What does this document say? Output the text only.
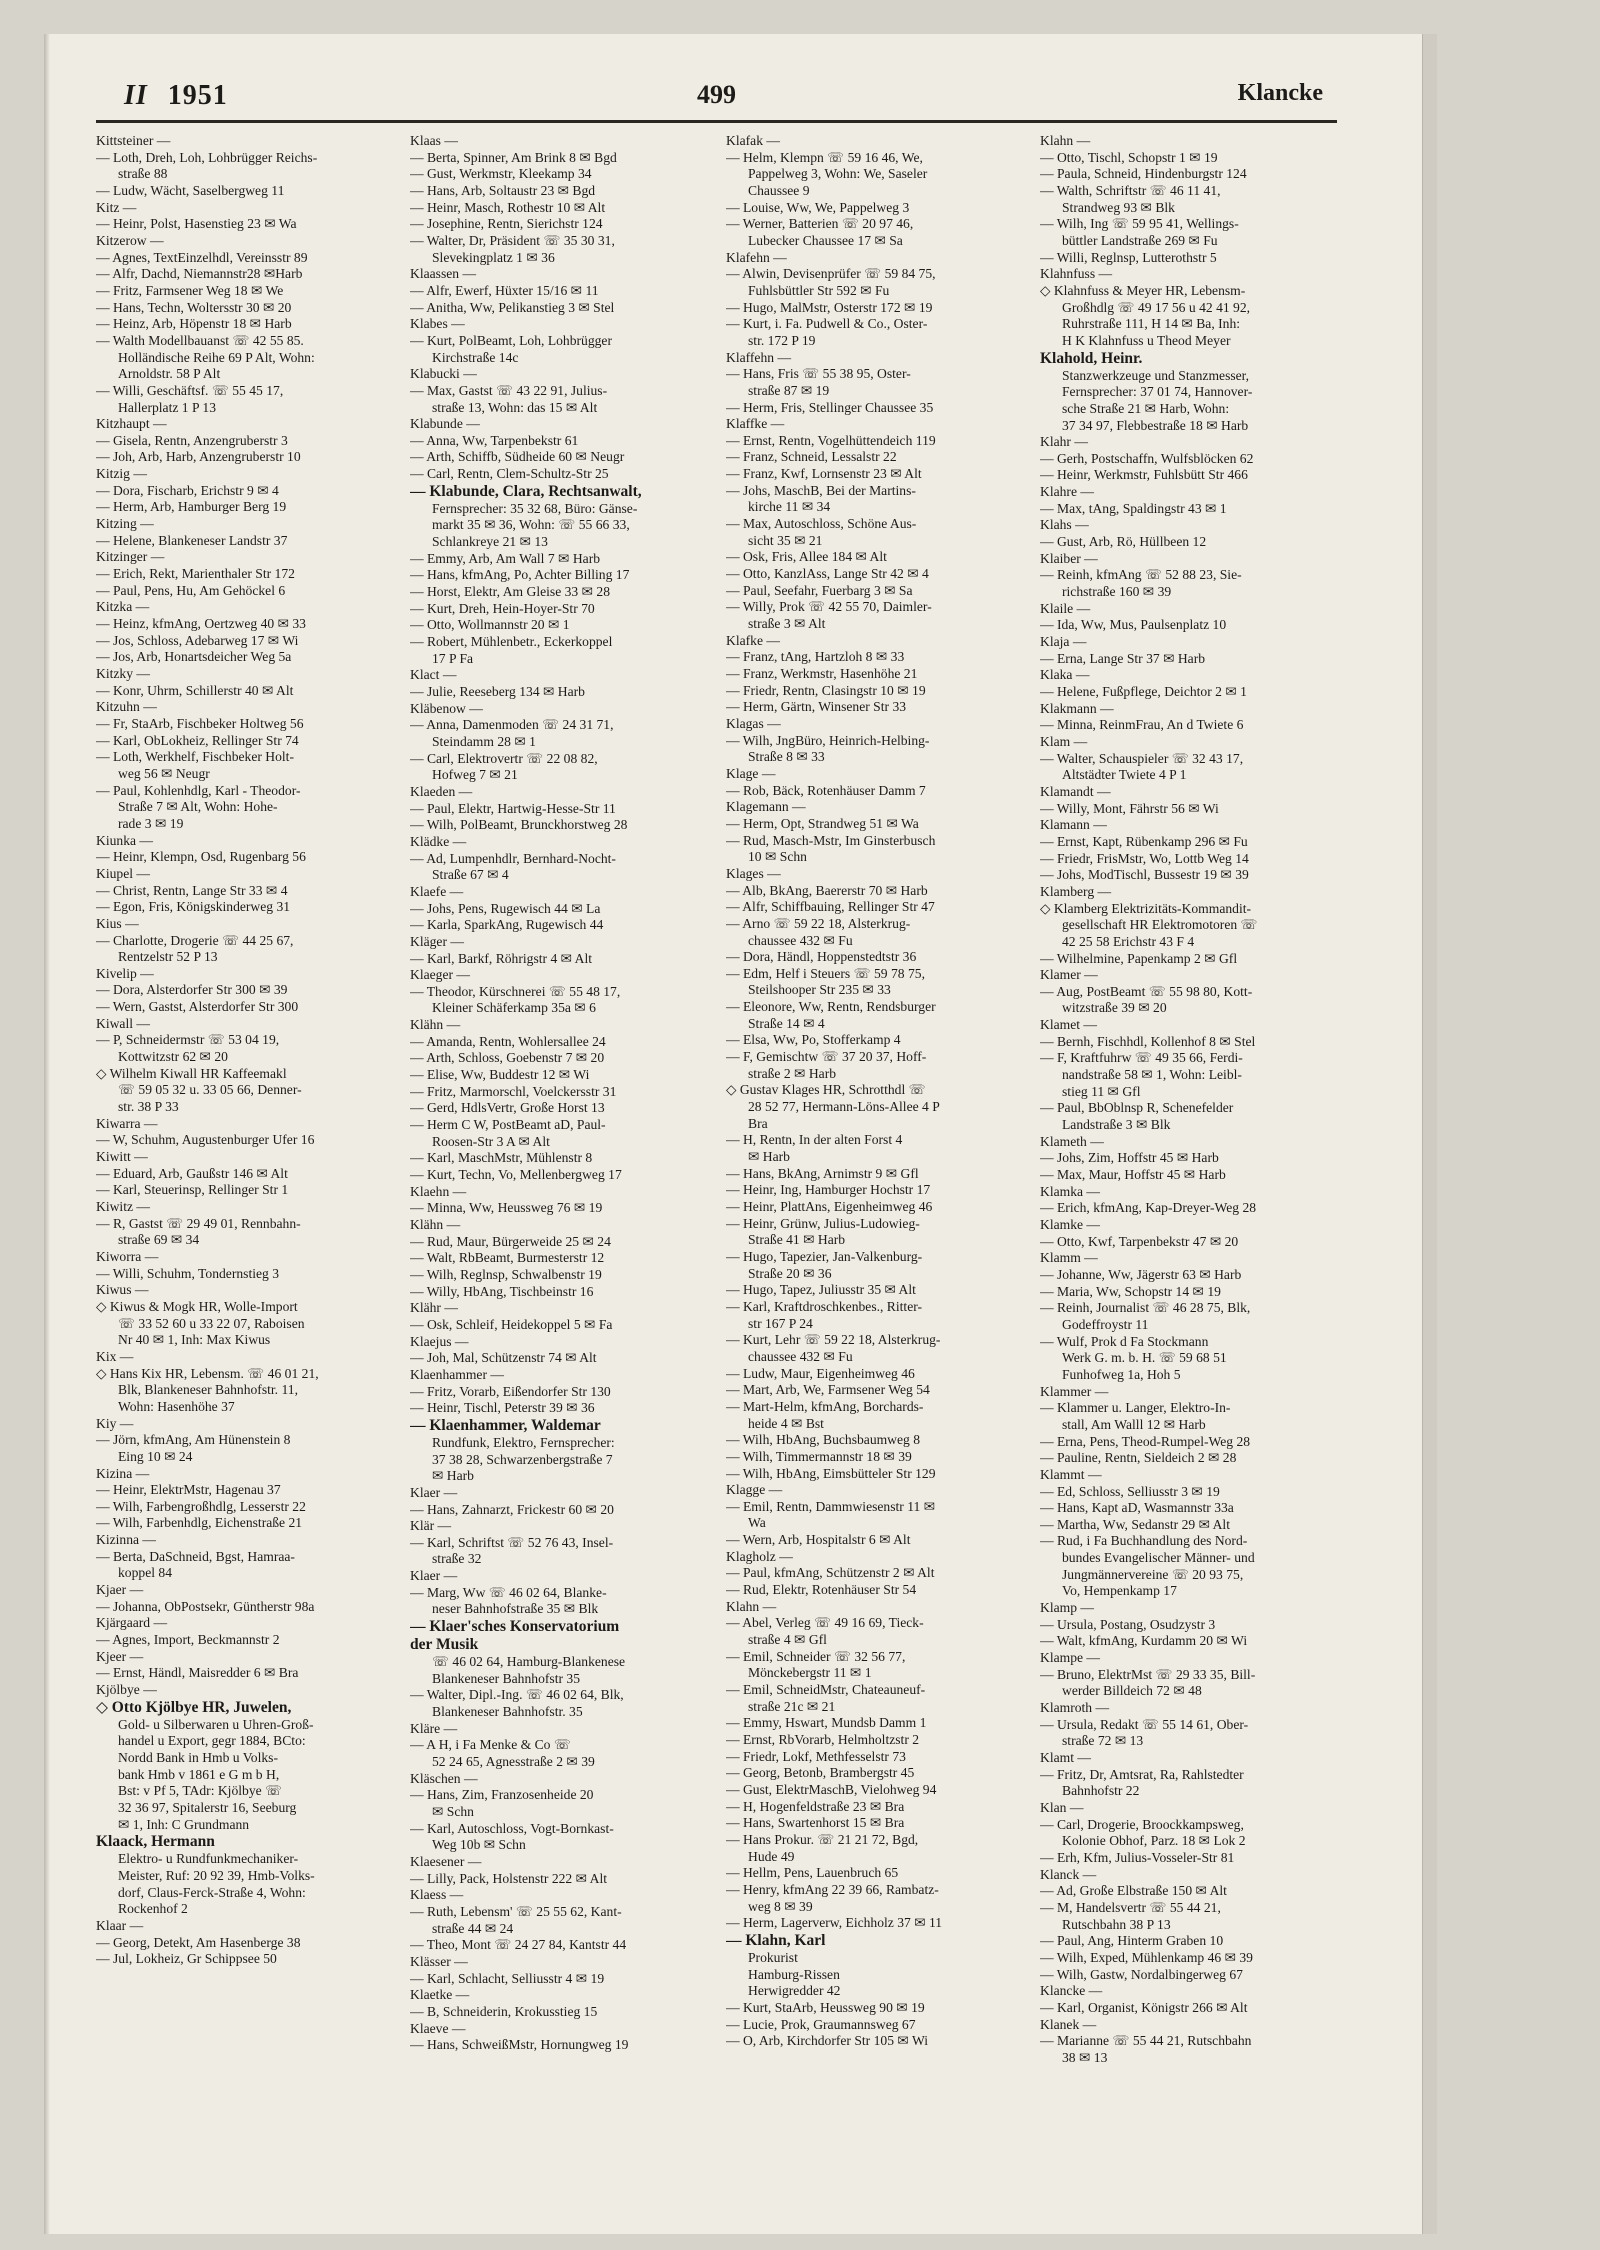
II 1951	499	Klancke
Kittsteiner —
— Loth, Dreh, Loh, Lohbrügger Reichs-
straße 88
— Ludw, Wächt, Saselbergweg 11
Kitz —
— Heinr, Polst, Hasenstieg 23 ✉ Wa
Kitzerow —
— Agnes, TextEinzelhdl, Vereinsstr 89
— Alfr, Dachd, Niemannstr28 ✉Harb
— Fritz, Farmsener Weg 18 ✉ We
— Hans, Techn, Woltersstr 30 ✉ 20
— Heinz, Arb, Höpenstr 18 ✉ Harb
— Walth Modellbauanst ☏ 42 55 85.
Holländische Reihe 69 P Alt, Wohn:
Arnoldstr. 58 P Alt
— Willi, Geschäftsf. ☏ 55 45 17,
Hallerplatz 1 P 13
Kitzhaupt —
— Gisela, Rentn, Anzengruberstr 3
— Joh, Arb, Harb, Anzengruberstr 10
Kitzig —
— Dora, Fischarb, Erichstr 9 ✉ 4
— Herm, Arb, Hamburger Berg 19
Kitzing —
— Helene, Blankeneser Landstr 37
Kitzinger —
— Erich, Rekt, Marienthaler Str 172
— Paul, Pens, Hu, Am Gehöckel 6
Kitzka —
— Heinz, kfmAng, Oertzweg 40 ✉ 33
— Jos, Schloss, Adebarweg 17 ✉ Wi
— Jos, Arb, Honartsdeicher Weg 5a
Kitzky —
— Konr, Uhrm, Schillerstr 40 ✉ Alt
Kitzuhn —
— Fr, StaArb, Fischbeker Holtweg 56
— Karl, ObLokheiz, Rellinger Str 74
— Loth, Werkhelf, Fischbeker Holt-
weg 56 ✉ Neugr
— Paul, Kohlenhdlg, Karl - Theodor-
Straße 7 ✉ Alt, Wohn: Hohe-
rade 3 ✉ 19
Kiunka —
— Heinr, Klempn, Osd, Rugenbarg 56
Kiupel —
— Christ, Rentn, Lange Str 33 ✉ 4
— Egon, Fris, Königskinderweg 31
Kius —
— Charlotte, Drogerie ☏ 44 25 67,
Rentzelstr 52 P 13
Kivelip —
— Dora, Alsterdorfer Str 300 ✉ 39
— Wern, Gastst, Alsterdorfer Str 300
Kiwall —
— P, Schneidermstr ☏ 53 04 19,
Kottwitzstr 62 ✉ 20
◇ Wilhelm Kiwall HR Kaffeemakl
☏ 59 05 32 u. 33 05 66, Denner-
str. 38 P 33
Kiwarra —
— W, Schuhm, Augustenburger Ufer 16
Kiwitt —
— Eduard, Arb, Gaußstr 146 ✉ Alt
— Karl, Steuerinsp, Rellinger Str 1
Kiwitz —
— R, Gastst ☏ 29 49 01, Rennbahn-
straße 69 ✉ 34
Kiworra —
— Willi, Schuhm, Tondernstieg 3
Kiwus —
◇ Kiwus & Mogk HR, Wolle-Import
☏ 33 52 60 u 33 22 07, Raboisen
Nr 40 ✉ 1, Inh: Max Kiwus
Kix —
◇ Hans Kix HR, Lebensm. ☏ 46 01 21,
Blk, Blankeneser Bahnhofstr. 11,
Wohn: Hasenhöhe 37
Kiy —
— Jörn, kfmAng, Am Hünenstein 8
Eing 10 ✉ 24
Kizina —
— Heinr, ElektrMstr, Hagenau 37
— Wilh, Farbengroßhdlg, Lesserstr 22
— Wilh, Farbenhdlg, Eichenstraße 21
Kizinna —
— Berta, DaSchneid, Bgst, Hamraa-
koppel 84
Kjaer —
— Johanna, ObPostsekr, Güntherstr 98a
Kjärgaard —
— Agnes, Import, Beckmannstr 2
Kjeer —
— Ernst, Händl, Maisredder 6 ✉ Bra
Kjölbye —
◇ Otto Kjölbye HR, Juwelen,
Gold- u Silberwaren u Uhren-Groß-
handel u Export, gegr 1884, BCto:
Nordd Bank in Hmb u Volks-
bank Hmb v 1861 e G m b H,
Bst: v Pf 5, TAdr: Kjölbye ☏
32 36 97, Spitalerstr 16, Seeburg
✉ 1, Inh: C Grundmann
Klaack, Hermann
Elektro- u Rundfunkmechaniker-
Meister, Ruf: 20 92 39, Hmb-Volks-
dorf, Claus-Ferck-Straße 4, Wohn:
Rockenhof 2
Klaar —
— Georg, Detekt, Am Hasenberge 38
— Jul, Lokheiz, Gr Schippsee 50
Klaas —
— Berta, Spinner, Am Brink 8 ✉ Bgd
— Gust, Werkmstr, Kleekamp 34
— Hans, Arb, Soltaustr 23 ✉ Bgd
— Heinr, Masch, Rothestr 10 ✉ Alt
— Josephine, Rentn, Sierichstr 124
— Walter, Dr, Präsident ☏ 35 30 31,
Slevekingplatz 1 ✉ 36
Klaassen —
— Alfr, Ewerf, Hüxter 15/16 ✉ 11
— Anitha, Ww, Pelikanstieg 3 ✉ Stel
Klabes —
— Kurt, PolBeamt, Loh, Lohbrügger
Kirchstraße 14c
Klabucki —
— Max, Gastst ☏ 43 22 91, Julius-
straße 13, Wohn: das 15 ✉ Alt
Klabunde —
— Anna, Ww, Tarpenbekstr 61
— Arth, Schiffb, Südheide 60 ✉ Neugr
— Carl, Rentn, Clem-Schultz-Str 25
— Klabunde, Clara, Rechtsanwalt,
Fernsprecher: 35 32 68, Büro: Gänse-
markt 35 ✉ 36, Wohn: ☏ 55 66 33,
Schlankreye 21 ✉ 13
— Emmy, Arb, Am Wall 7 ✉ Harb
— Hans, kfmAng, Po, Achter Billing 17
— Horst, Elektr, Am Gleise 33 ✉ 28
— Kurt, Dreh, Hein-Hoyer-Str 70
— Otto, Wollmannstr 20 ✉ 1
— Robert, Mühlenbetr., Eckerkoppel
17 P Fa
Klact —
— Julie, Reeseberg 134 ✉ Harb
Kläbenow —
— Anna, Damenmoden ☏ 24 31 71,
Steindamm 28 ✉ 1
— Carl, Elektrovertr ☏ 22 08 82,
Hofweg 7 ✉ 21
Klaeden —
— Paul, Elektr, Hartwig-Hesse-Str 11
— Wilh, PolBeamt, Brunckhorstweg 28
Klädke —
— Ad, Lumpenhdlr, Bernhard-Nocht-
Straße 67 ✉ 4
Klaefe —
— Johs, Pens, Rugewisch 44 ✉ La
— Karla, SparkAng, Rugewisch 44
Kläger —
— Karl, Barkf, Röhrigstr 4 ✉ Alt
Klaeger —
— Theodor, Kürschnerei ☏ 55 48 17,
Kleiner Schäferkamp 35a ✉ 6
Klähn —
— Amanda, Rentn, Wohlersallee 24
— Arth, Schloss, Goebenstr 7 ✉ 20
— Elise, Ww, Buddestr 12 ✉ Wi
— Fritz, Marmorschl, Voelckersstr 31
— Gerd, HdlsVertr, Große Horst 13
— Herm C W, PostBeamt aD, Paul-
Roosen-Str 3 A ✉ Alt
— Karl, MaschMstr, Mühlenstr 8
— Kurt, Techn, Vo, Mellenbergweg 17
Klaehn —
— Minna, Ww, Heussweg 76 ✉ 19
Klähn —
— Rud, Maur, Bürgerweide 25 ✉ 24
— Walt, RbBeamt, Burmesterstr 12
— Wilh, Reglnsp, Schwalbenstr 19
— Willy, HbAng, Tischbeinstr 16
Klähr —
— Osk, Schleif, Heidekoppel 5 ✉ Fa
Klaejus —
— Joh, Mal, Schützenstr 74 ✉ Alt
Klaenhammer —
— Fritz, Vorarb, Eißendorfer Str 130
— Heinr, Tischl, Peterstr 39 ✉ 36
— Klaenhammer, Waldemar
Rundfunk, Elektro, Fernsprecher:
37 38 28, Schwarzenbergstraße 7
✉ Harb
Klaer —
— Hans, Zahnarzt, Frickestr 60 ✉ 20
Klär —
— Karl, Schriftst ☏ 52 76 43, Insel-
straße 32
Klaer —
— Marg, Ww ☏ 46 02 64, Blanke-
neser Bahnhofstraße 35 ✉ Blk
— Klaer'sches Konservatorium
der Musik
☏ 46 02 64, Hamburg-Blankenese
Blankeneser Bahnhofstr 35
— Walter, Dipl.-Ing. ☏ 46 02 64, Blk,
Blankeneser Bahnhofstr. 35
Kläre —
— A H, i Fa Menke & Co ☏
52 24 65, Agnesstraße 2 ✉ 39
Kläschen —
— Hans, Zim, Franzosenheide 20
✉ Schn
— Karl, Autoschloss, Vogt-Bornkast-
Weg 10b ✉ Schn
Klaesener —
— Lilly, Pack, Holstenstr 222 ✉ Alt
Klaess —
— Ruth, Lebensm' ☏ 25 55 62, Kant-
straße 44 ✉ 24
— Theo, Mont ☏ 24 27 84, Kantstr 44
Klässer —
— Karl, Schlacht, Selliusstr 4 ✉ 19
Klaetke —
— B, Schneiderin, Krokusstieg 15
Klaeve —
— Hans, SchweißMstr, Hornungweg 19
Klafak —
— Helm, Klempn ☏ 59 16 46, We,
Pappelweg 3, Wohn: We, Saseler
Chaussee 9
— Louise, Ww, We, Pappelweg 3
— Werner, Batterien ☏ 20 97 46,
Lubecker Chaussee 17 ✉ Sa
Klafehn —
— Alwin, Devisenprüfer ☏ 59 84 75,
Fuhlsbüttler Str 592 ✉ Fu
— Hugo, MalMstr, Osterstr 172 ✉ 19
— Kurt, i. Fa. Pudwell & Co., Oster-
str. 172 P 19
Klaffehn —
— Hans, Fris ☏ 55 38 95, Oster-
straße 87 ✉ 19
— Herm, Fris, Stellinger Chaussee 35
Klaffke —
— Ernst, Rentn, Vogelhüttendeich 119
— Franz, Schneid, Lessalstr 22
— Franz, Kwf, Lornsenstr 23 ✉ Alt
— Johs, MaschB, Bei der Martins-
kirche 11 ✉ 34
— Max, Autoschloss, Schöne Aus-
sicht 35 ✉ 21
— Osk, Fris, Allee 184 ✉ Alt
— Otto, KanzlAss, Lange Str 42 ✉ 4
— Paul, Seefahr, Fuerbarg 3 ✉ Sa
— Willy, Prok ☏ 42 55 70, Daimler-
straße 3 ✉ Alt
Klafke —
— Franz, tAng, Hartzloh 8 ✉ 33
— Franz, Werkmstr, Hasenhöhe 21
— Friedr, Rentn, Clasingstr 10 ✉ 19
— Herm, Gärtn, Winsener Str 33
Klagas —
— Wilh, JngBüro, Heinrich-Helbing-
Straße 8 ✉ 33
Klage —
— Rob, Bäck, Rotenhäuser Damm 7
Klagemann —
— Herm, Opt, Strandweg 51 ✉ Wa
— Rud, Masch-Mstr, Im Ginsterbusch
10 ✉ Schn
Klages —
— Alb, BkAng, Baererstr 70 ✉ Harb
— Alfr, Schiffbauing, Rellinger Str 47
— Arno ☏ 59 22 18, Alsterkrug-
chaussee 432 ✉ Fu
— Dora, Händl, Hoppenstedtstr 36
— Edm, Helf i Steuers ☏ 59 78 75,
Steilshooper Str 235 ✉ 33
— Eleonore, Ww, Rentn, Rendsburger
Straße 14 ✉ 4
— Elsa, Ww, Po, Stofferkamp 4
— F, Gemischtw ☏ 37 20 37, Hoff-
straße 2 ✉ Harb
◇ Gustav Klages HR, Schrotthdl ☏
28 52 77, Hermann-Löns-Allee 4 P
Bra
— H, Rentn, In der alten Forst 4
✉ Harb
— Hans, BkAng, Arnimstr 9 ✉ Gfl
— Heinr, Ing, Hamburger Hochstr 17
— Heinr, PlattAns, Eigenheimweg 46
— Heinr, Grünw, Julius-Ludowieg-
Straße 41 ✉ Harb
— Hugo, Tapezier, Jan-Valkenburg-
Straße 20 ✉ 36
— Hugo, Tapez, Juliusstr 35 ✉ Alt
— Karl, Kraftdroschkenbes., Ritter-
str 167 P 24
— Kurt, Lehr ☏ 59 22 18, Alsterkrug-
chaussee 432 ✉ Fu
— Ludw, Maur, Eigenheimweg 46
— Mart, Arb, We, Farmsener Weg 54
— Mart-Helm, kfmAng, Borchards-
heide 4 ✉ Bst
— Wilh, HbAng, Buchsbaumweg 8
— Wilh, Timmermannstr 18 ✉ 39
— Wilh, HbAng, Eimsbütteler Str 129
Klagge —
— Emil, Rentn, Dammwiesenstr 11 ✉
Wa
— Wern, Arb, Hospitalstr 6 ✉ Alt
Klagholz —
— Paul, kfmAng, Schützenstr 2 ✉ Alt
— Rud, Elektr, Rotenhäuser Str 54
Klahn —
— Abel, Verleg ☏ 49 16 69, Tieck-
straße 4 ✉ Gfl
— Emil, Schneider ☏ 32 56 77,
Mönckebergstr 11 ✉ 1
— Emil, SchneidMstr, Chateauneuf-
straße 21c ✉ 21
— Emmy, Hswart, Mundsb Damm 1
— Ernst, RbVorarb, Helmholtzstr 2
— Friedr, Lokf, Methfesselstr 73
— Georg, Betonb, Brambergstr 45
— Gust, ElektrMaschB, Vielohweg 94
— H, Hogenfeldstraße 23 ✉ Bra
— Hans, Swartenhorst 15 ✉ Bra
— Hans Prokur. ☏ 21 21 72, Bgd,
Hude 49
— Hellm, Pens, Lauenbruch 65
— Henry, kfmAng 22 39 66, Rambatz-
weg 8 ✉ 39
— Herm, Lagerverw, Eichholz 37 ✉ 11
— Klahn, Karl
Prokurist
Hamburg-Rissen
Herwigredder 42
— Kurt, StaArb, Heussweg 90 ✉ 19
— Lucie, Prok, Graumannsweg 67
— O, Arb, Kirchdorfer Str 105 ✉ Wi
Klahn —
— Otto, Tischl, Schopstr 1 ✉ 19
— Paula, Schneid, Hindenburgstr 124
— Walth, Schriftstr ☏ 46 11 41,
Strandweg 93 ✉ Blk
— Wilh, Ing ☏ 59 95 41, Wellings-
büttler Landstraße 269 ✉ Fu
— Willi, Reglnsp, Lutterothstr 5
Klahnfuss —
◇ Klahnfuss & Meyer HR, Lebensm-
Großhdlg ☏ 49 17 56 u 42 41 92,
Ruhrstraße 111, H 14 ✉ Ba, Inh:
H K Klahnfuss u Theod Meyer
Klahold, Heinr.
Stanzwerkzeuge und Stanzmesser,
Fernsprecher: 37 01 74, Hannover-
sche Straße 21 ✉ Harb, Wohn:
37 34 97, Flebbestraße 18 ✉ Harb
Klahr —
— Gerh, Postschaffn, Wulfsblöcken 62
— Heinr, Werkmstr, Fuhlsbütt Str 466
Klahre —
— Max, tAng, Spaldingstr 43 ✉ 1
Klahs —
— Gust, Arb, Rö, Hüllbeen 12
Klaiber —
— Reinh, kfmAng ☏ 52 88 23, Sie-
richstraße 160 ✉ 39
Klaile —
— Ida, Ww, Mus, Paulsenplatz 10
Klaja —
— Erna, Lange Str 37 ✉ Harb
Klaka —
— Helene, Fußpflege, Deichtor 2 ✉ 1
Klakmann —
— Minna, ReinmFrau, An d Twiete 6
Klam —
— Walter, Schauspieler ☏ 32 43 17,
Altstädter Twiete 4 P 1
Klamandt —
— Willy, Mont, Fährstr 56 ✉ Wi
Klamann —
— Ernst, Kapt, Rübenkamp 296 ✉ Fu
— Friedr, FrisMstr, Wo, Lottb Weg 14
— Johs, ModTischl, Bussestr 19 ✉ 39
Klamberg —
◇ Klamberg Elektrizitäts-Kommandit-
gesellschaft HR Elektromotoren ☏
42 25 58 Erichstr 43 F 4
— Wilhelmine, Papenkamp 2 ✉ Gfl
Klamer —
— Aug, PostBeamt ☏ 55 98 80, Kott-
witzstraße 39 ✉ 20
Klamet —
— Bernh, Fischhdl, Kollenhof 8 ✉ Stel
— F, Kraftfuhrw ☏ 49 35 66, Ferdi-
nandstraße 58 ✉ 1, Wohn: Leibl-
stieg 11 ✉ Gfl
— Paul, BbOblnsp R, Schenefelder
Landstraße 3 ✉ Blk
Klameth —
— Johs, Zim, Hoffstr 45 ✉ Harb
— Max, Maur, Hoffstr 45 ✉ Harb
Klamka —
— Erich, kfmAng, Kap-Dreyer-Weg 28
Klamke —
— Otto, Kwf, Tarpenbekstr 47 ✉ 20
Klamm —
— Johanne, Ww, Jägerstr 63 ✉ Harb
— Maria, Ww, Schopstr 14 ✉ 19
— Reinh, Journalist ☏ 46 28 75, Blk,
Godeffroystr 11
— Wulf, Prok d Fa Stockmann
Werk G. m. b. H. ☏ 59 68 51
Funhofweg 1a, Hoh 5
Klammer —
— Klammer u. Langer, Elektro-In-
stall, Am Walll 12 ✉ Harb
— Erna, Pens, Theod-Rumpel-Weg 28
— Pauline, Rentn, Sieldeich 2 ✉ 28
Klammt —
— Ed, Schloss, Selliusstr 3 ✉ 19
— Hans, Kapt aD, Wasmannstr 33a
— Martha, Ww, Sedanstr 29 ✉ Alt
— Rud, i Fa Buchhandlung des Nord-
bundes Evangelischer Männer- und
Jungmännervereine ☏ 20 93 75,
Vo, Hempenkamp 17
Klamp —
— Ursula, Postang, Osudzystr 3
— Walt, kfmAng, Kurdamm 20 ✉ Wi
Klampe —
— Bruno, ElektrMst ☏ 29 33 35, Bill-
werder Billdeich 72 ✉ 48
Klamroth —
— Ursula, Redakt ☏ 55 14 61, Ober-
straße 72 ✉ 13
Klamt —
— Fritz, Dr, Amtsrat, Ra, Rahlstedter
Bahnhofstr 22
Klan —
— Carl, Drogerie, Broockkampsweg,
Kolonie Obhof, Parz. 18 ✉ Lok 2
— Erh, Kfm, Julius-Vosseler-Str 81
Klanck —
— Ad, Große Elbstraße 150 ✉ Alt
— M, Handelsvertr ☏ 55 44 21,
Rutschbahn 38 P 13
— Paul, Ang, Hinterm Graben 10
— Wilh, Exped, Mühlenkamp 46 ✉ 39
— Wilh, Gastw, Nordalbingerweg 67
Klancke —
— Karl, Organist, Königstr 266 ✉ Alt
Klanek —
— Marianne ☏ 55 44 21, Rutschbahn
38 ✉ 13
